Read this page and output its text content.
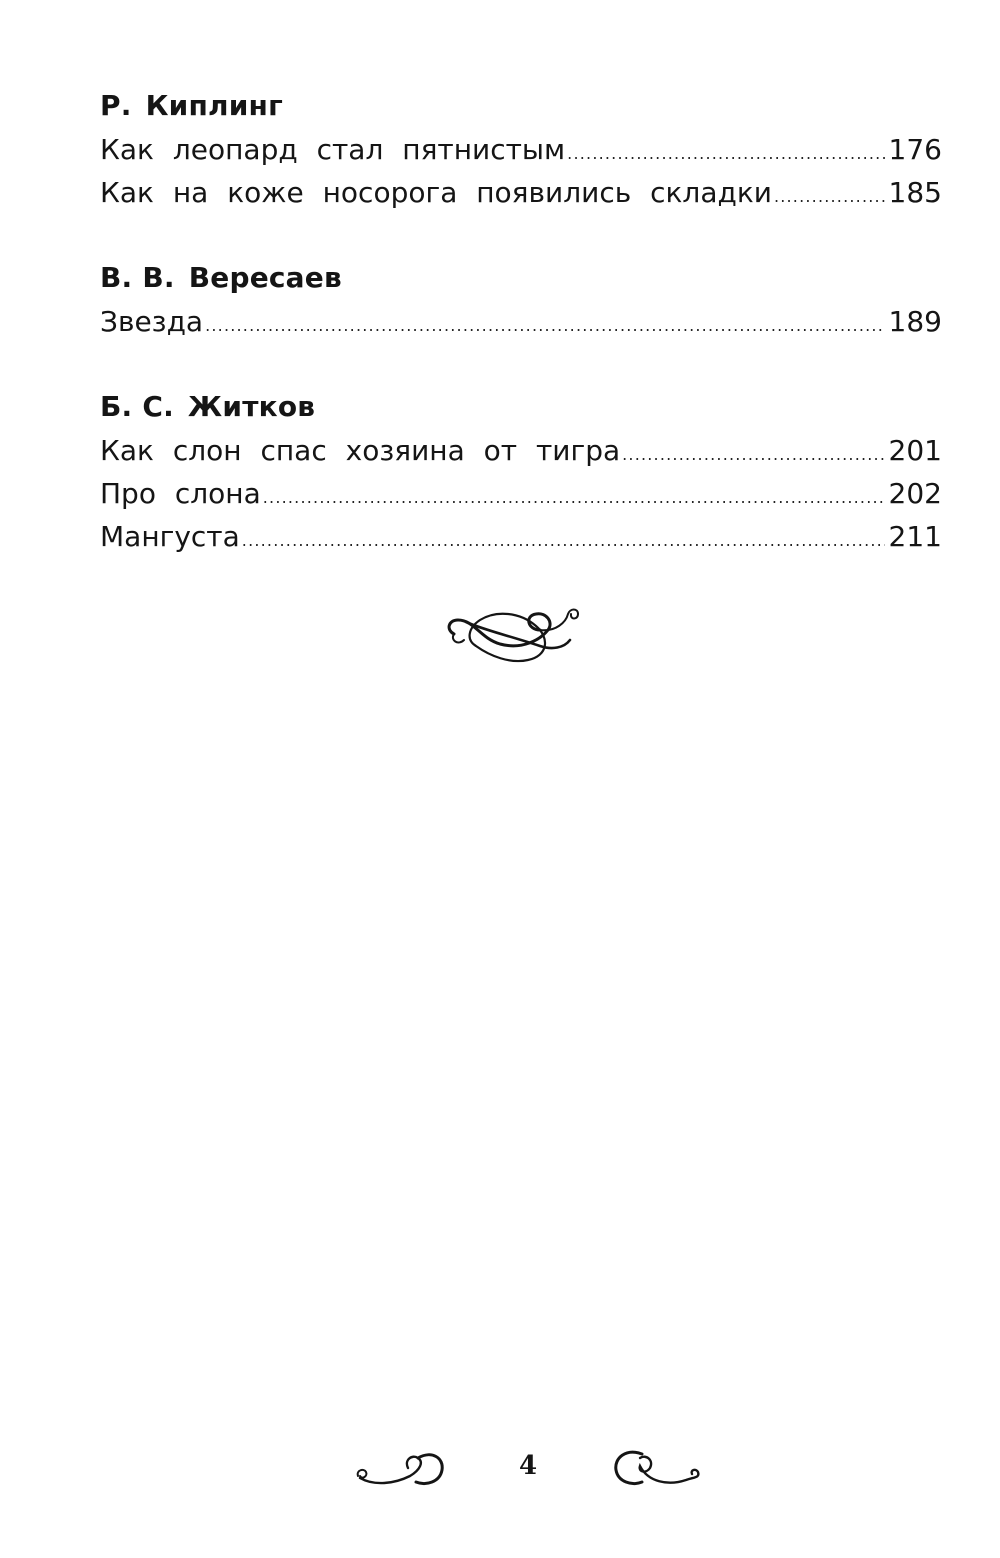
Р. Киплинг
Как леопард стал пятнистым .....	176
Как на коже носорога появились складки .....	185
В. В. Вересаев
Звезда .....	189
Б. С. Житков
Как слон спас хозяина от тигра .....	201
Про слона .....	202
Мангуста .....	211
4
